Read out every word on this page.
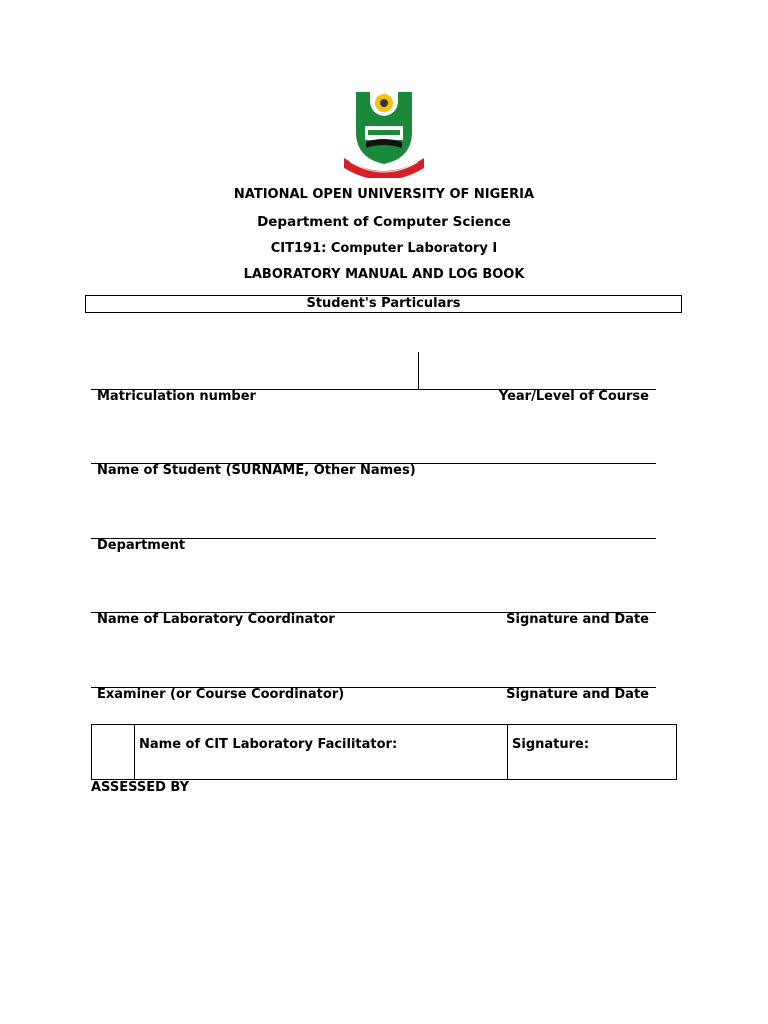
NATIONAL OPEN UNIVERSITY OF NIGERIA
Department of Computer Science
CIT191: Computer Laboratory I
LABORATORY MANUAL AND LOG BOOK
Student's Particulars
Matriculation number	Year/Level of Course
Name of Student (SURNAME, Other Names)
Department
Name of Laboratory Coordinator	Signature and Date
Examiner (or Course Coordinator)	Signature and Date
	Name of CIT Laboratory Facilitator:	Signature:
ASSESSED BY
